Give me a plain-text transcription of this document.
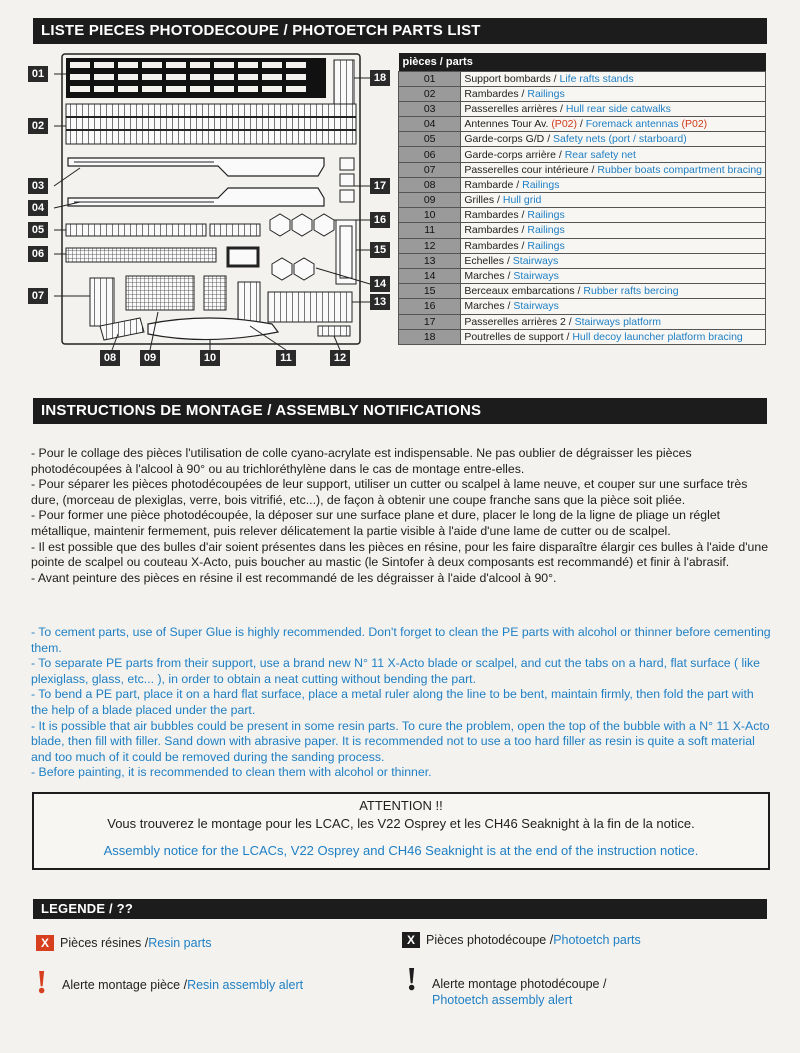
LISTE PIECES PHOTODECOUPE / PHOTOETCH PARTS LIST
01
02
03
04
05
06
07
08	09	10	11	12
13
14
15
16
17
18
pièces / parts	
01	Support bombards / Life rafts stands
02	Rambardes / Railings
03	Passerelles arrières / Hull rear side catwalks
04	Antennes Tour Av. (P02) / Foremack antennas (P02)
05	Garde-corps G/D / Safety nets (port / starboard)
06	Garde-corps arrière / Rear safety net
07	Passerelles cour intérieure / Rubber boats compartment bracing
08	Rambarde / Railings
09	Grilles / Hull grid
10	Rambardes / Railings
11	Rambardes / Railings
12	Rambardes / Railings
13	Echelles / Stairways
14	Marches / Stairways
15	Berceaux embarcations / Rubber rafts bercing
16	Marches / Stairways
17	Passerelles arrières 2 / Stairways platform
18	Poutrelles de support / Hull decoy launcher platform bracing
INSTRUCTIONS DE MONTAGE / ASSEMBLY NOTIFICATIONS

- Pour le collage des pièces l'utilisation de colle cyano-acrylate est indispensable. Ne pas oublier de dégraisser les pièces photodécoupées à l'alcool à 90° ou au trichloréthylène dans le cas de montage entre-elles.

- Pour séparer les pièces photodécoupées de leur support, utiliser un cutter ou scalpel à lame neuve, et couper sur une surface très dure, (morceau de plexiglas, verre, bois vitrifié, etc...), de façon à obtenir une coupe franche sans que la pièce soit pliée.

- Pour former une pièce photodécoupée, la déposer sur une surface plane et dure, placer le long de la ligne de pliage un réglet métallique, maintenir fermement, puis relever délicatement la partie visible à l'aide d'une lame de cutter ou de scalpel.

- Il est possible que des bulles d'air soient présentes dans les pièces en résine, pour les faire disparaître élargir ces bulles à l'aide d'une pointe de scalpel ou couteau X-Acto, puis boucher au mastic (le Sintofer à deux composants est recommandé) et finir à l'abrasif.

- Avant peinture des pièces en résine il est recommandé de les dégraisser à l'aide d'alcool à 90°.

- To cement parts, use of Super Glue is highly recommended. Don't forget to clean the PE parts with alcohol or thinner before cementing them.

- To separate PE parts from their support, use a brand new N° 11 X-Acto blade or scalpel, and cut the tabs on a hard, flat surface ( like plexiglass, glass, etc... ), in order to obtain a neat cutting without bending the part.

- To bend a PE part, place it on a hard flat surface, place a metal ruler along the line to be bent, maintain firmly, then fold the part with the help of a blade placed under the part.

- It is possible that air bubbles could be present in some resin parts. To cure the problem, open the top of the bubble with a N° 11 X-Acto blade, then fill with filler. Sand down with abrasive paper. It is recommended not to use a too hard filler as resin is quite a soft material and too much of it could be removed during the sanding process.

- Before painting, it is recommended to clean them with alcohol or thinner.

ATTENTION !!
Vous trouverez le montage pour les LCAC, les V22 Osprey et les CH46 Seaknight à la fin de la notice.
Assembly notice for the LCACs, V22 Osprey and CH46 Seaknight is at the end of the instruction notice.
LEGENDE / ??
X Pièces résines / Resin parts	X Pièces photodécoupe / Photoetch parts
! Alerte montage pièce / Resin assembly alert	! Alerte montage photodécoupe /
Photoetch assembly alert
